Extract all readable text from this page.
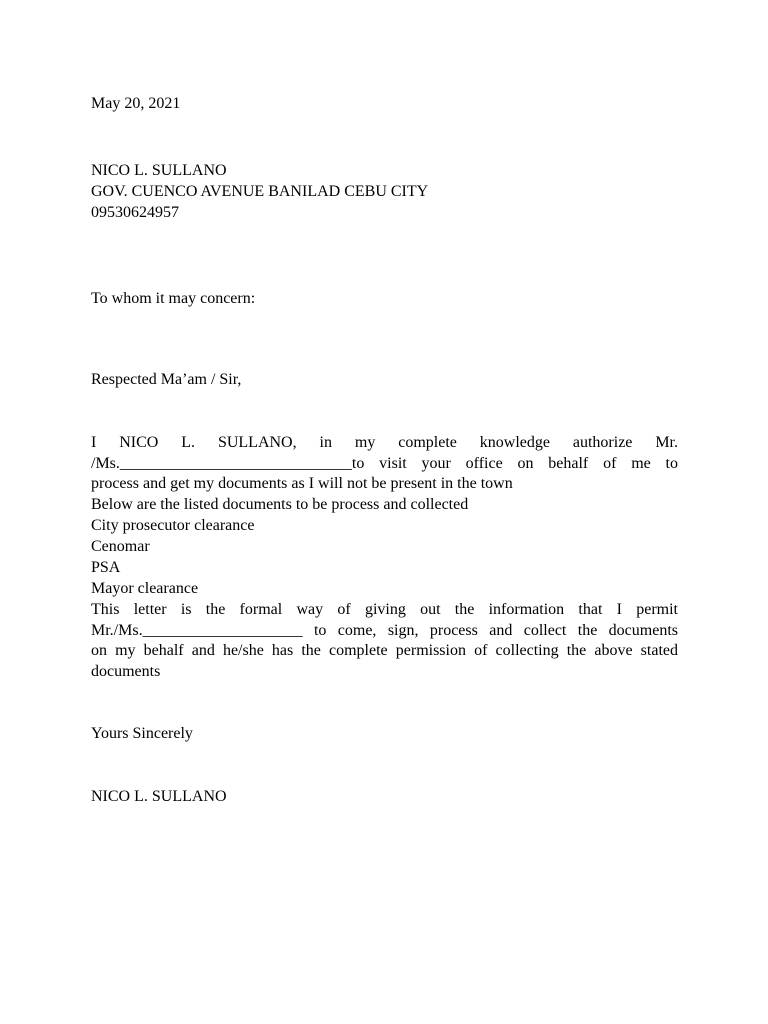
May 20, 2021
NICO L. SULLANO
GOV. CUENCO AVENUE BANILAD CEBU CITY
09530624957
To whom it may concern:
Respected Ma’am / Sir,
I NICO L. SULLANO, in my complete knowledge authorize Mr.
/Ms._____________________________to visit your office on behalf of me to
process and get my documents as I will not be present in the town
Below are the listed documents to be process and collected
City prosecutor clearance
Cenomar
PSA
Mayor clearance
This letter is the formal way of giving out the information that I permit
Mr./Ms.____________________ to come, sign, process and collect the documents
on my behalf and he/she has the complete permission of collecting the above stated
documents
Yours Sincerely
NICO L. SULLANO
